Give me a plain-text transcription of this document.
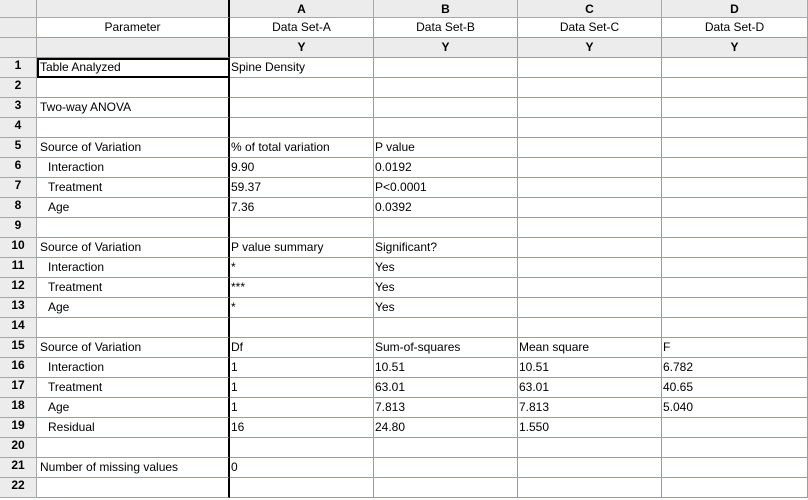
A	B	C	D
Parameter	Data Set-A	Data Set-B	Data Set-C	Data Set-D
Y	Y	Y	Y
1	Table Analyzed	Spine Density
2
3	Two-way ANOVA
4
5	Source of Variation	% of total variation	P value
6	Interaction	9.90	0.0192
7	Treatment	59.37	P<0.0001
8	Age	7.36	0.0392
9
10	Source of Variation	P value summary	Significant?
11	Interaction	*	Yes
12	Treatment	***	Yes
13	Age	*	Yes
14
15	Source of Variation	Df	Sum-of-squares	Mean square	F
16	Interaction	1	10.51	10.51	6.782
17	Treatment	1	63.01	63.01	40.65
18	Age	1	7.813	7.813	5.040
19	Residual	16	24.80	1.550
20
21	Number of missing values	0
22
